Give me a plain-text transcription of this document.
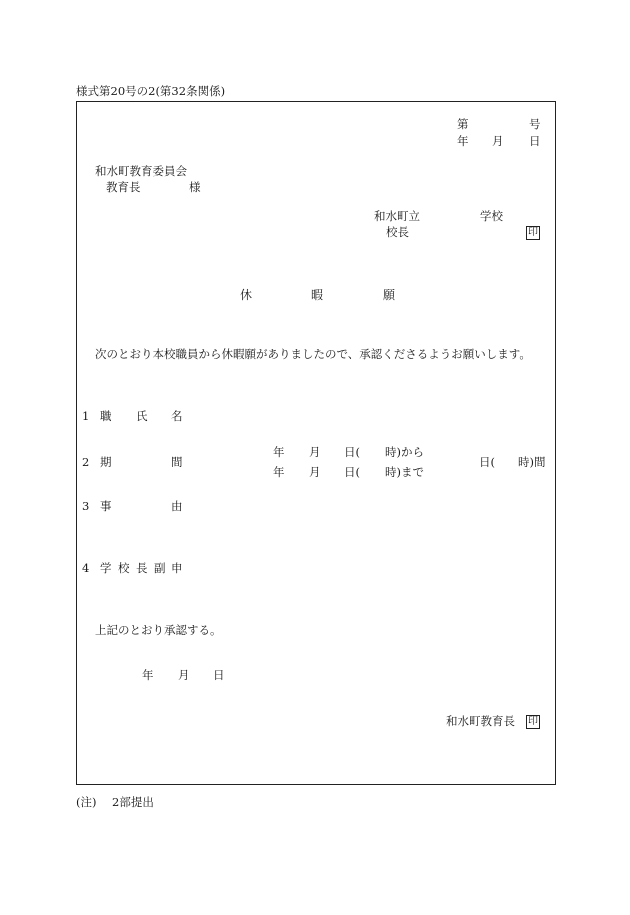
様式第20号の2(第32条関係)
第	号
年 月 日
和水町教育委員会
教育長	様
和水町立	学校
校長	印
休	暇	願
次のとおり本校職員から休暇願がありましたので、承認くださるようお願いします。
1 職 氏 名
2 期	間
年 月 日( 時)から
年 月 日( 時)まで
日( 時)間
3 事	由
4 学 校 長 副 申
上記のとおり承認する。
年 月 日
和水町教育長 印
(注) 2部提出
